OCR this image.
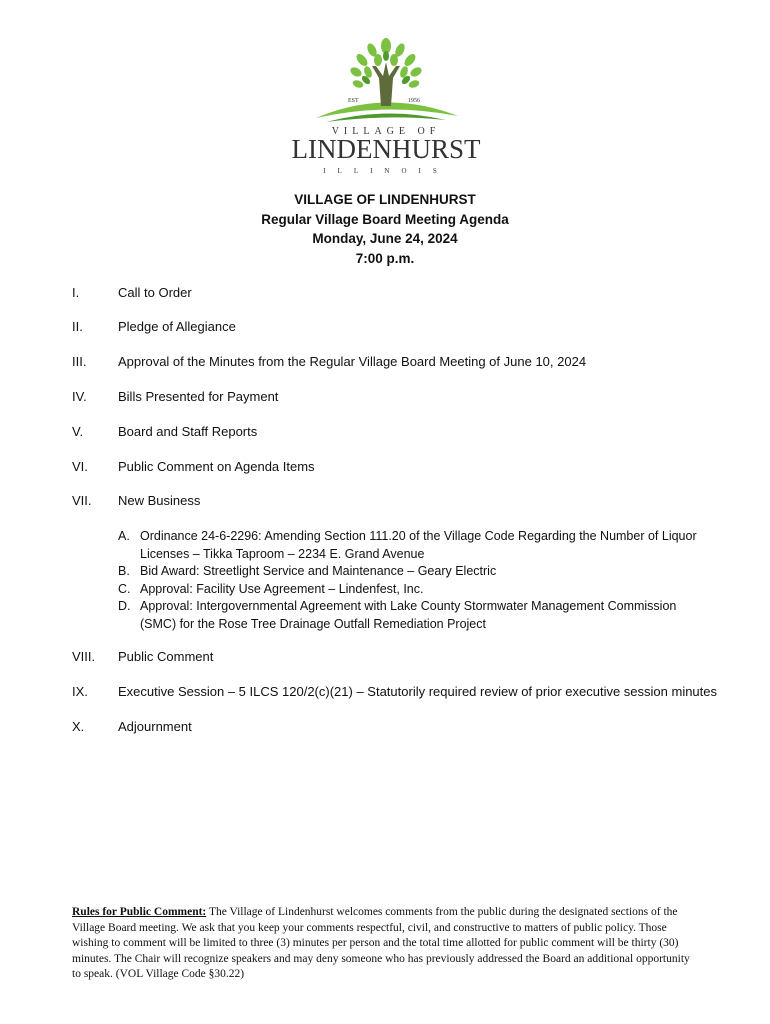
EST	1956
VILLAGE OF
LINDENHURST
ILLINOIS
VILLAGE OF LINDENHURST
Regular Village Board Meeting Agenda
Monday, June 24, 2024
7:00 p.m.
I.	Call to Order
II.	Pledge of Allegiance
III. Approval of the Minutes from the Regular Village Board Meeting of June 10, 2024
IV. Bills Presented for Payment
V.	Board and Staff Reports
VI. Public Comment on Agenda Items
VII. New Business
A. Ordinance 24-6-2296: Amending Section 111.20 of the Village Code Regarding the Number of Liquor
Licenses – Tikka Taproom – 2234 E. Grand Avenue
B. Bid Award: Streetlight Service and Maintenance – Geary Electric
C. Approval: Facility Use Agreement – Lindenfest, Inc.
D. Approval: Intergovernmental Agreement with Lake County Stormwater Management Commission
(SMC) for the Rose Tree Drainage Outfall Remediation Project
VIII. Public Comment
IX. Executive Session – 5 ILCS 120/2(c)(21) – Statutorily required review of prior executive session minutes
X.	Adjournment
Rules for Public Comment: The Village of Lindenhurst welcomes comments from the public during the designated sections of the Village Board meeting. We ask that you keep your comments respectful, civil, and constructive to matters of public policy. Those wishing to comment will be limited to three (3) minutes per person and the total time allotted for public comment will be thirty (30) minutes. The Chair will recognize speakers and may deny someone who has previously addressed the Board an additional opportunity to speak. (VOL Village Code §30.22)
